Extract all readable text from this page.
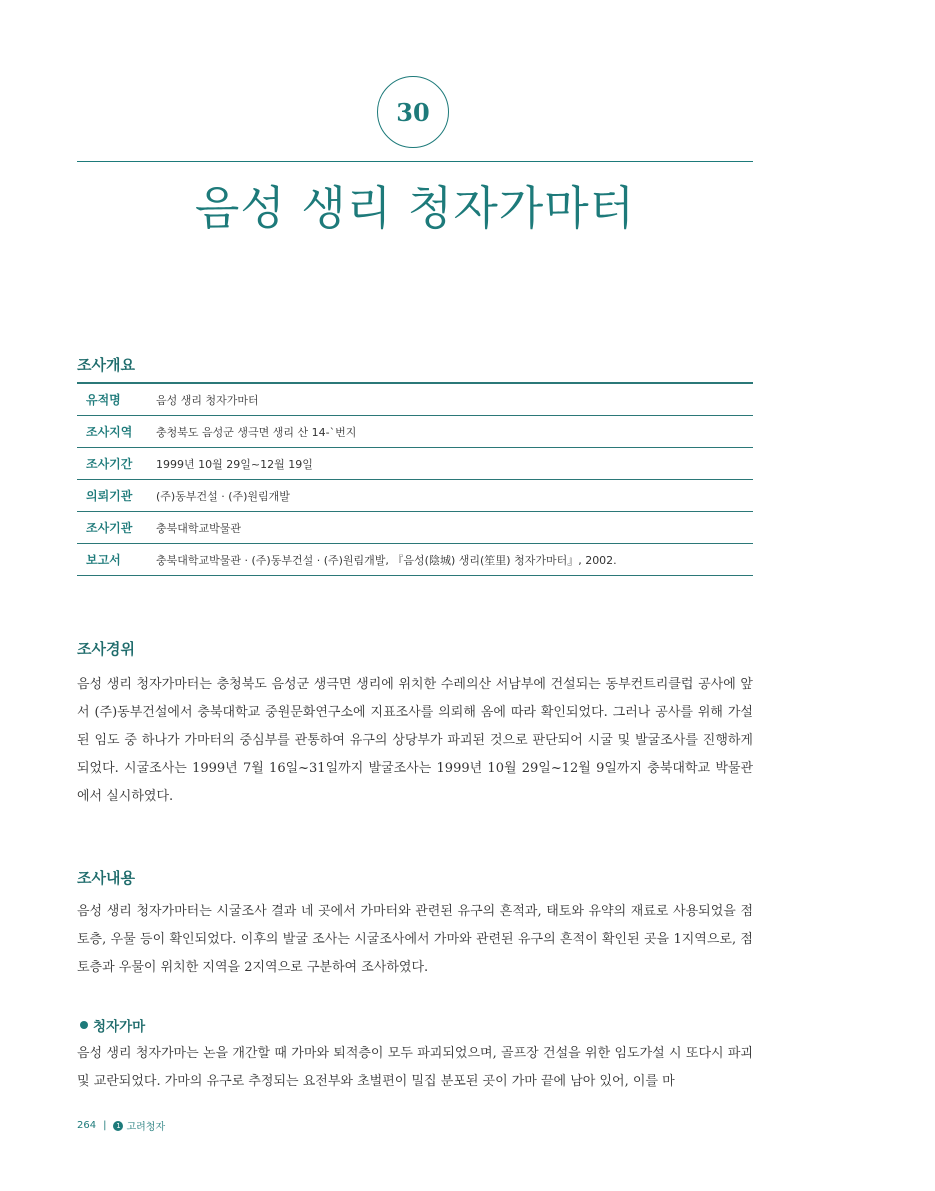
30
음성 생리 청자가마터
조사개요
유적명	음성 생리 청자가마터
조사지역	충청북도 음성군 생극면 생리 산 14-`번지
조사기간	1999년 10월 29일~12월 19일
의뢰기관	(주)동부건설 · (주)원림개발
조사기관	충북대학교박물관
보고서	충북대학교박물관 · (주)동부건설 · (주)원림개발, 『음성(陰城) 생리(笙里) 청자가마터』, 2002.
조사경위

음성 생리 청자가마터는 충청북도 음성군 생극면 생리에 위치한 수레의산 서남부에 건설되는 동부컨트리클럽 공사에 앞서 (주)동부건설에서 충북대학교 중원문화연구소에 지표조사를 의뢰해 옴에 따라 확인되었다. 그러나 공사를 위해 가설된 임도 중 하나가 가마터의 중심부를 관통하여 유구의 상당부가 파괴된 것으로 판단되어 시굴 및 발굴조사를 진행하게 되었다. 시굴조사는 1999년 7월 16일~31일까지 발굴조사는 1999년 10월 29일~12월 9일까지 충북대학교 박물관에서 실시하였다.

조사내용

음성 생리 청자가마터는 시굴조사 결과 네 곳에서 가마터와 관련된 유구의 흔적과, 태토와 유약의 재료로 사용되었을 점토층, 우물 등이 확인되었다. 이후의 발굴 조사는 시굴조사에서 가마와 관련된 유구의 흔적이 확인된 곳을 1지역으로, 점토층과 우물이 위치한 지역을 2지역으로 구분하여 조사하였다.

청자가마

음성 생리 청자가마는 논을 개간할 때 가마와 퇴적층이 모두 파괴되었으며, 골프장 건설을 위한 임도가설 시 또다시 파괴 및 교란되었다. 가마의 유구로 추정되는 요전부와 초벌편이 밀집 분포된 곳이 가마 끝에 남아 있어, 이를 마

264 |	1 고려청자
